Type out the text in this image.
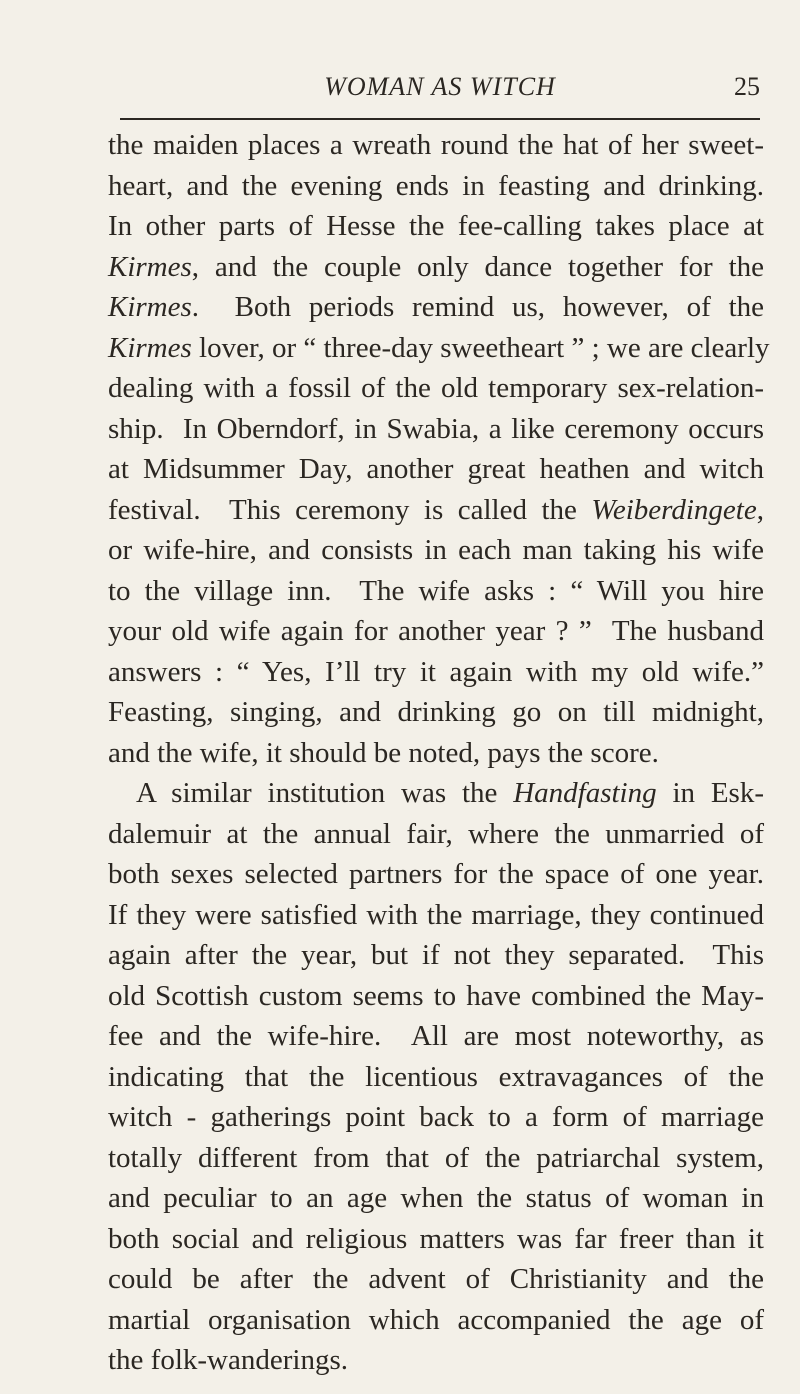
WOMAN AS WITCH	25
the maiden places a wreath round the hat of her sweet-
heart, and the evening ends in feasting and drinking.
In other parts of Hesse the fee-calling takes place at
Kirmes, and the couple only dance together for the
Kirmes.  Both periods remind us, however, of the
Kirmes lover, or “ three-day sweetheart ” ; we are clearly
dealing with a fossil of the old temporary sex-relation-
ship.  In Oberndorf, in Swabia, a like ceremony occurs
at Midsummer Day, another great heathen and witch
festival.  This ceremony is called the Weiberdingete,
or wife-hire, and consists in each man taking his wife
to the village inn.  The wife asks : “ Will you hire
your old wife again for another year ? ”  The husband
answers : “ Yes, I’ll try it again with my old wife.”
Feasting, singing, and drinking go on till midnight,
and the wife, it should be noted, pays the score.
A similar institution was the Handfasting in Esk-
dalemuir at the annual fair, where the unmarried of
both sexes selected partners for the space of one year.
If they were satisfied with the marriage, they continued
again after the year, but if not they separated.  This
old Scottish custom seems to have combined the May-
fee and the wife-hire.  All are most noteworthy, as
indicating that the licentious extravagances of the
witch - gatherings point back to a form of marriage
totally different from that of the patriarchal system,
and peculiar to an age when the status of woman in
both social and religious matters was far freer than it
could be after the advent of Christianity and the
martial organisation which accompanied the age of
the folk-wanderings.
